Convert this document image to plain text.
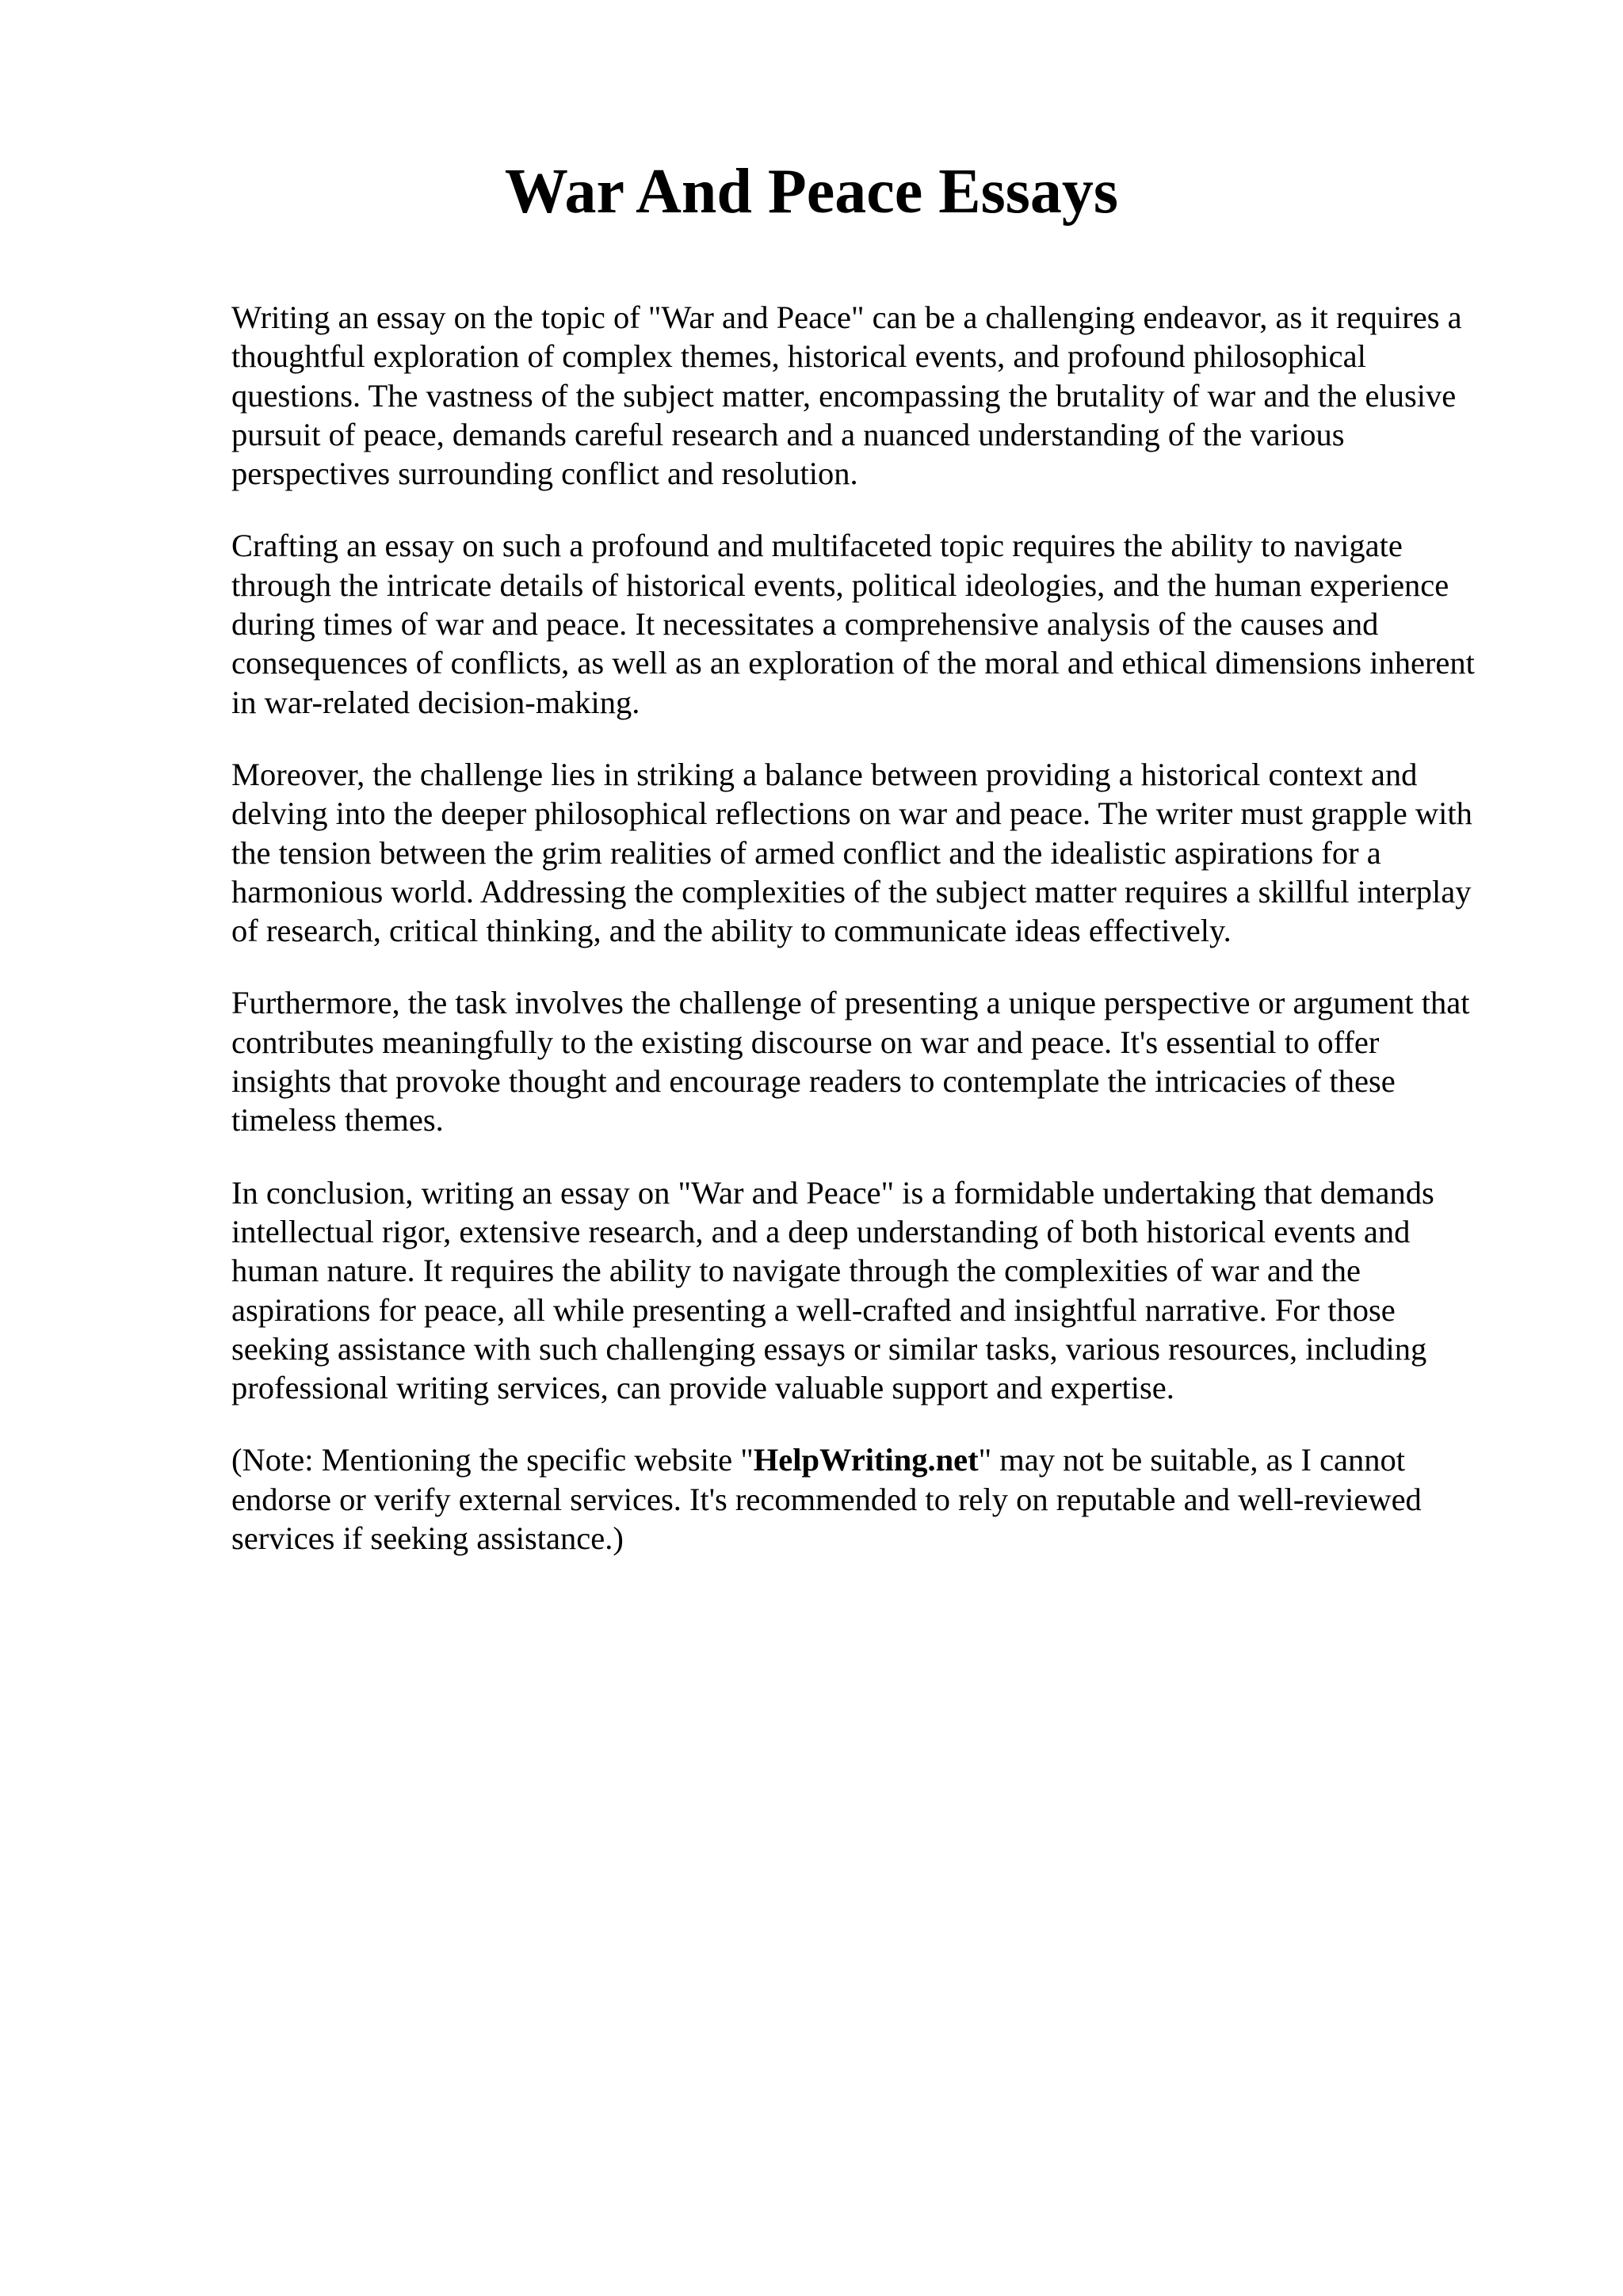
War And Peace Essays

Writing an essay on the topic of "War and Peace" can be a challenging endeavor, as it requires a
thoughtful exploration of complex themes, historical events, and profound philosophical
questions. The vastness of the subject matter, encompassing the brutality of war and the elusive
pursuit of peace, demands careful research and a nuanced understanding of the various
perspectives surrounding conflict and resolution.

Crafting an essay on such a profound and multifaceted topic requires the ability to navigate
through the intricate details of historical events, political ideologies, and the human experience
during times of war and peace. It necessitates a comprehensive analysis of the causes and
consequences of conflicts, as well as an exploration of the moral and ethical dimensions inherent
in war-related decision-making.

Moreover, the challenge lies in striking a balance between providing a historical context and
delving into the deeper philosophical reflections on war and peace. The writer must grapple with
the tension between the grim realities of armed conflict and the idealistic aspirations for a
harmonious world. Addressing the complexities of the subject matter requires a skillful interplay
of research, critical thinking, and the ability to communicate ideas effectively.

Furthermore, the task involves the challenge of presenting a unique perspective or argument that
contributes meaningfully to the existing discourse on war and peace. It's essential to offer
insights that provoke thought and encourage readers to contemplate the intricacies of these
timeless themes.

In conclusion, writing an essay on "War and Peace" is a formidable undertaking that demands
intellectual rigor, extensive research, and a deep understanding of both historical events and
human nature. It requires the ability to navigate through the complexities of war and the
aspirations for peace, all while presenting a well-crafted and insightful narrative. For those
seeking assistance with such challenging essays or similar tasks, various resources, including
professional writing services, can provide valuable support and expertise.

(Note: Mentioning the specific website "HelpWriting.net" may not be suitable, as I cannot
endorse or verify external services. It's recommended to rely on reputable and well-reviewed
services if seeking assistance.)
